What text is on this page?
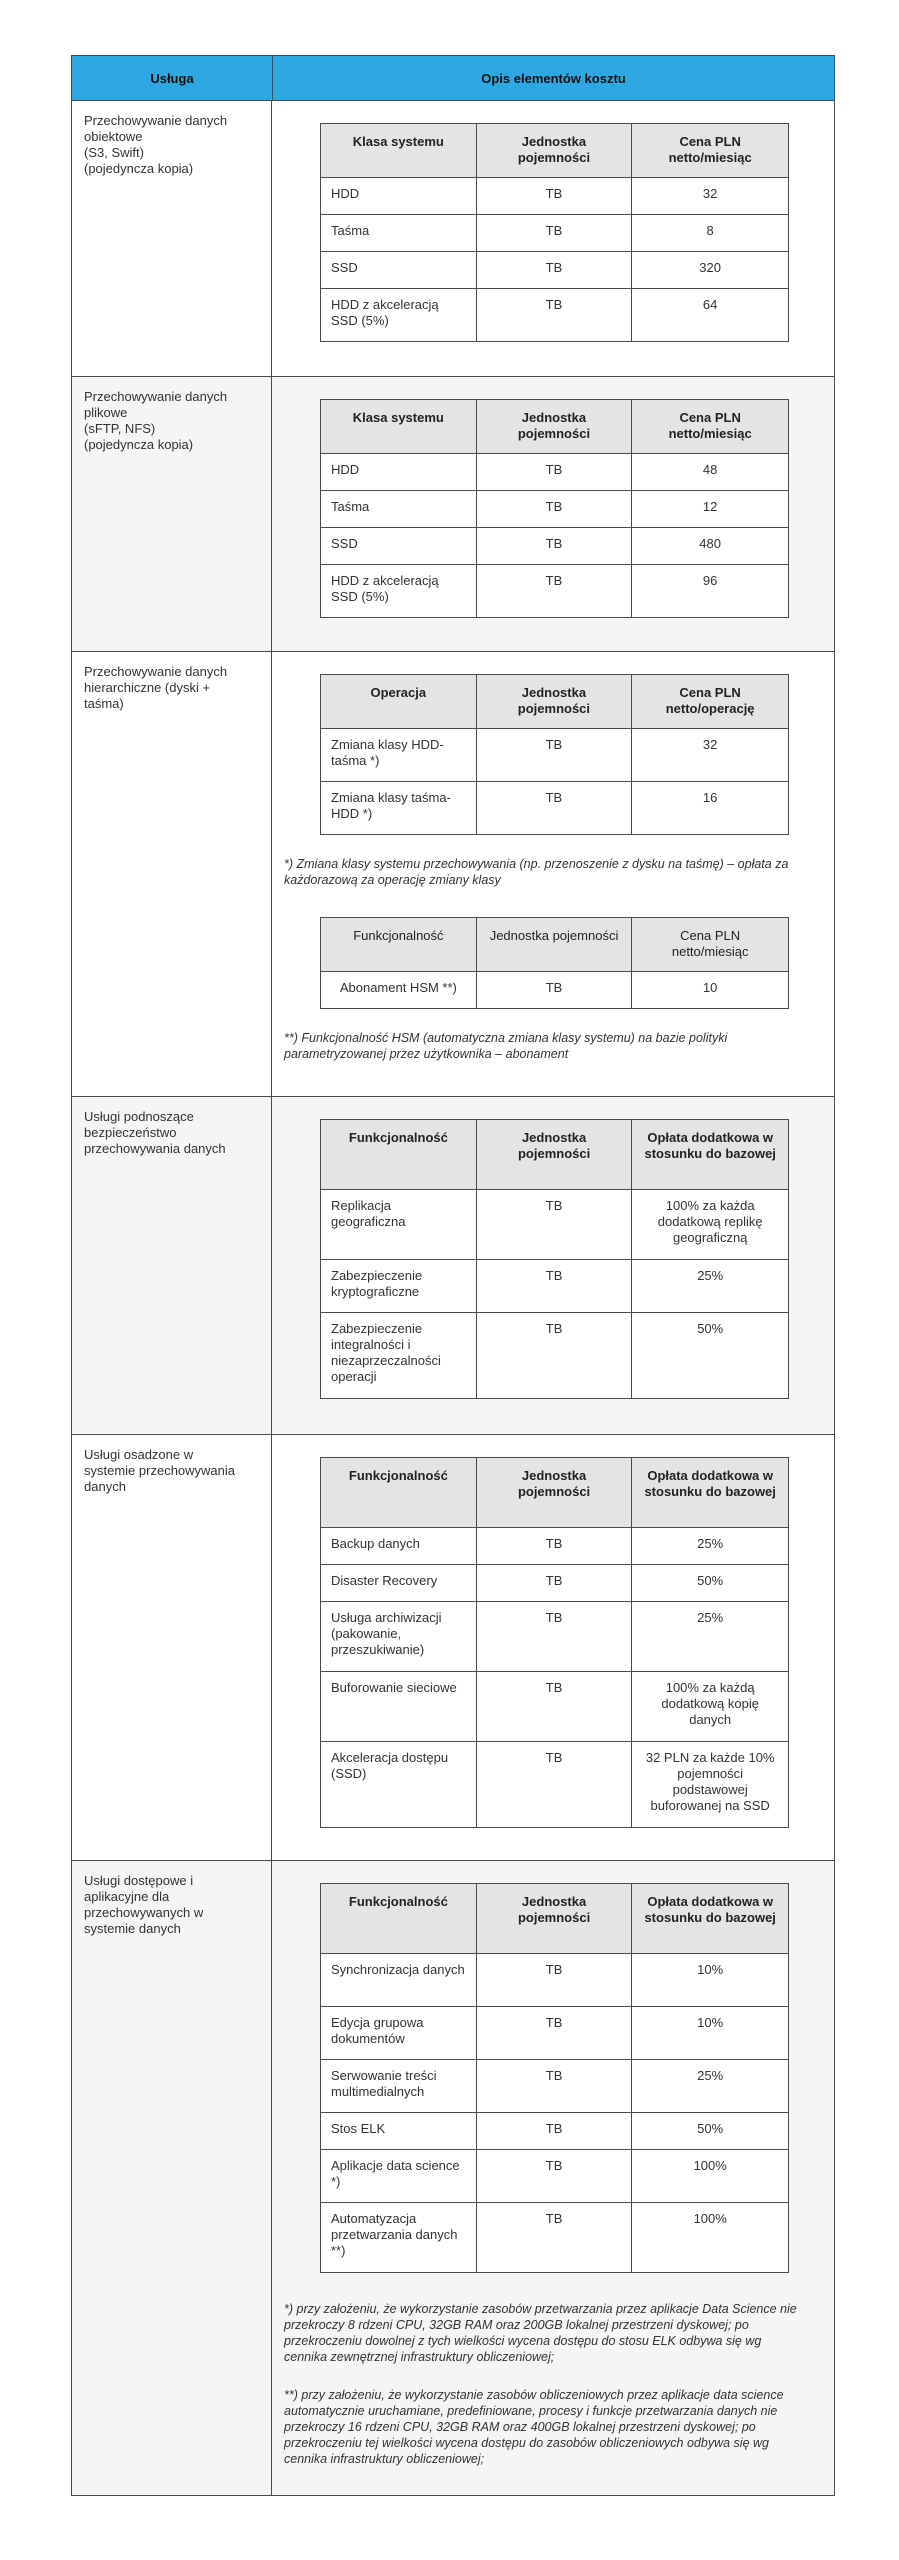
Usługa	Opis elementów kosztu
Przechowywanie danych
obiektowe
(S3, Swift)
(pojedyncza kopia)
Klasa systemu	Jednostka pojemności	Cena PLN netto/miesiąc
HDD	TB	32
Taśma	TB	8
SSD	TB	320
HDD z akceleracją SSD (5%)	TB	64
Przechowywanie danych
plikowe
(sFTP, NFS)
(pojedyncza kopia)
Klasa systemu	Jednostka pojemności	Cena PLN netto/miesiąc
HDD	TB	48
Taśma	TB	12
SSD	TB	480
HDD z akceleracją SSD (5%)	TB	96
Przechowywanie danych
hierarchiczne (dyski +
taśma)
Operacja	Jednostka pojemności	Cena PLN netto/operację
Zmiana klasy HDD-taśma *)	TB	32
Zmiana klasy taśma-HDD *)	TB	16
*) Zmiana klasy systemu przechowywania (np. przenoszenie z dysku na taśmę) – opłata za każdorazową za operację zmiany klasy
Funkcjonalność	Jednostka pojemności	Cena PLN netto/miesiąc
Abonament HSM **)	TB	10
**) Funkcjonalność HSM (automatyczna zmiana klasy systemu) na bazie polityki parametryzowanej przez użytkownika – abonament
Usługi podnoszące
bezpieczeństwo
przechowywania danych
Funkcjonalność	Jednostka pojemności	Opłata dodatkowa w stosunku do bazowej
Replikacja geograficzna	TB	100% za każda dodatkową replikę geograficzną
Zabezpieczenie kryptograficzne	TB	25%
Zabezpieczenie integralności i niezaprzeczalności operacji	TB	50%
Usługi osadzone w
systemie przechowywania
danych
Funkcjonalność	Jednostka pojemności	Opłata dodatkowa w stosunku do bazowej
Backup danych	TB	25%
Disaster Recovery	TB	50%
Usługa archiwizacji (pakowanie, przeszukiwanie)	TB	25%
Buforowanie sieciowe	TB	100% za każdą dodatkową kopię danych
Akceleracja dostępu (SSD)	TB	32 PLN za każde 10% pojemności podstawowej buforowanej na SSD
Usługi dostępowe i
aplikacyjne dla
przechowywanych w
systemie danych
Funkcjonalność	Jednostka pojemności	Opłata dodatkowa w stosunku do bazowej
Synchronizacja danych	TB	10%
Edycja grupowa dokumentów	TB	10%
Serwowanie treści multimedialnych	TB	25%
Stos ELK	TB	50%
Aplikacje data science *)	TB	100%
Automatyzacja przetwarzania danych **)	TB	100%
*) przy założeniu, że wykorzystanie zasobów przetwarzania przez aplikacje Data Science nie przekroczy 8 rdzeni CPU, 32GB RAM oraz 200GB lokalnej przestrzeni dyskowej; po przekroczeniu dowolnej z tych wielkości wycena dostępu do stosu ELK odbywa się wg cennika zewnętrznej infrastruktury obliczeniowej;
**) przy założeniu, że wykorzystanie zasobów obliczeniowych przez aplikacje data science automatycznie uruchamiane, predefiniowane, procesy i funkcje przetwarzania danych nie przekroczy 16 rdzeni CPU, 32GB RAM oraz 400GB lokalnej przestrzeni dyskowej; po przekroczeniu tej wielkości wycena dostępu do zasobów obliczeniowych odbywa się wg cennika infrastruktury obliczeniowej;
